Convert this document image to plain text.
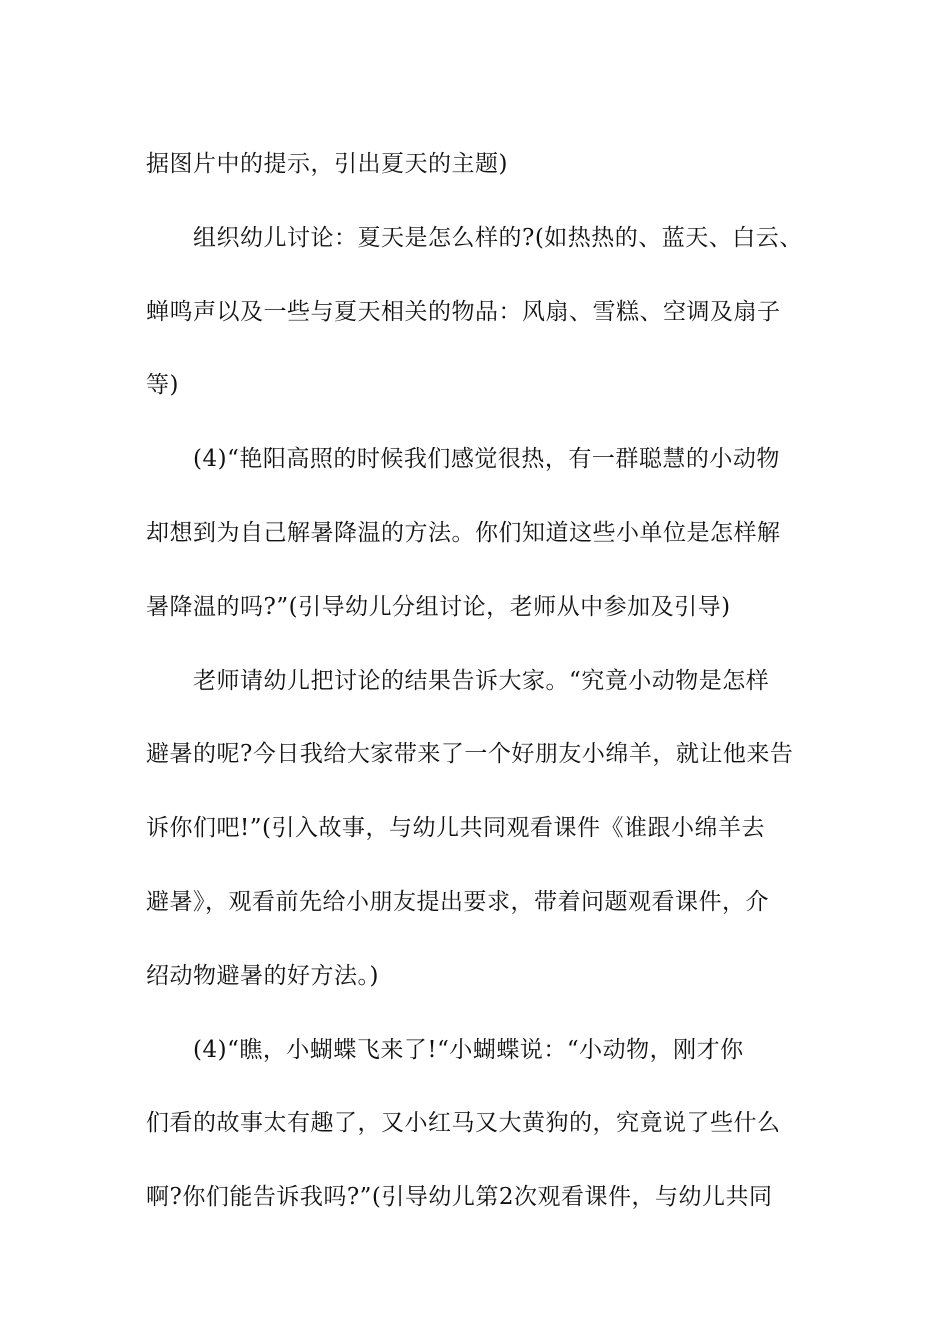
据图片中的提示，引出夏天的主题)
组织幼儿讨论：夏天是怎么样的?(如热热的、蓝天、白云、
蝉鸣声以及一些与夏天相关的物品：风扇、雪糕、空调及扇子
等)
(4)“艳阳高照的时候我们感觉很热，有一群聪慧的小动物
却想到为自己解暑降温的方法。你们知道这些小单位是怎样解
暑降温的吗?”(引导幼儿分组讨论，老师从中参加及引导)
老师请幼儿把讨论的结果告诉大家。“究竟小动物是怎样
避暑的呢?今日我给大家带来了一个好朋友小绵羊，就让他来告
诉你们吧!”(引入故事，与幼儿共同观看课件《谁跟小绵羊去
避暑》，观看前先给小朋友提出要求，带着问题观看课件，介
绍动物避暑的好方法。)
(4)“瞧，小蝴蝶飞来了!“小蝴蝶说：“小动物，刚才你
们看的故事太有趣了，又小红马又大黄狗的，究竟说了些什么
啊?你们能告诉我吗?”(引导幼儿第2次观看课件，与幼儿共同
